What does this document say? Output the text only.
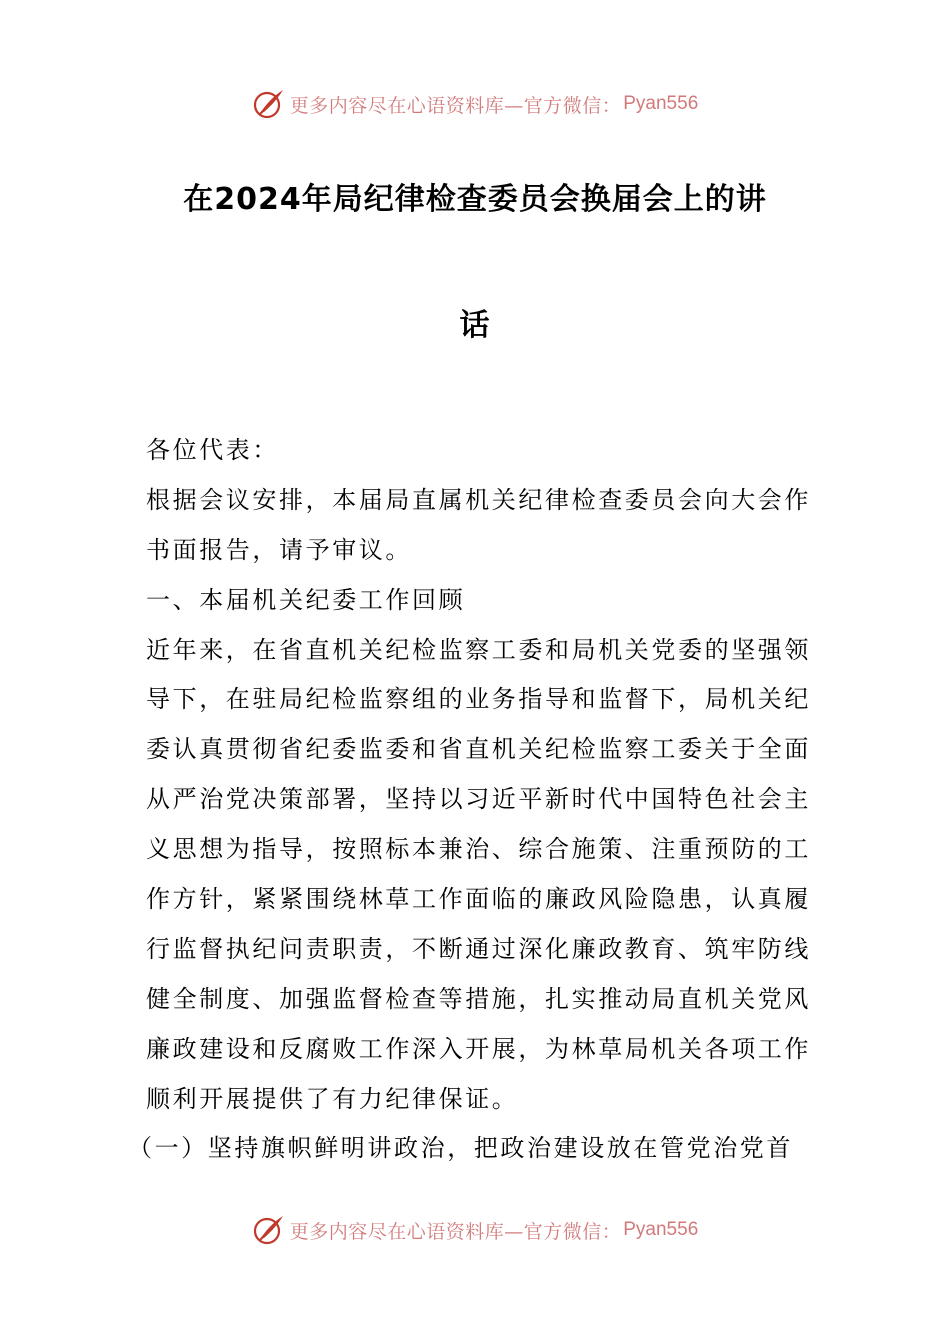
更多内容尽在心语资料库—官方微信： Pyan556
在2024年局纪律检查委员会换届会上的讲
话
各位代表：
根据会议安排，本届局直属机关纪律检查委员会向大会作
书面报告，请予审议。
一、本届机关纪委工作回顾
近年来，在省直机关纪检监察工委和局机关党委的坚强领
导下，在驻局纪检监察组的业务指导和监督下，局机关纪
委认真贯彻省纪委监委和省直机关纪检监察工委关于全面
从严治党决策部署，坚持以习近平新时代中国特色社会主
义思想为指导，按照标本兼治、综合施策、注重预防的工
作方针，紧紧围绕林草工作面临的廉政风险隐患，认真履
行监督执纪问责职责，不断通过深化廉政教育、筑牢防线
健全制度、加强监督检查等措施，扎实推动局直机关党风
廉政建设和反腐败工作深入开展，为林草局机关各项工作
顺利开展提供了有力纪律保证。
（一）坚持旗帜鲜明讲政治，把政治建设放在管党治党首
更多内容尽在心语资料库—官方微信： Pyan556
